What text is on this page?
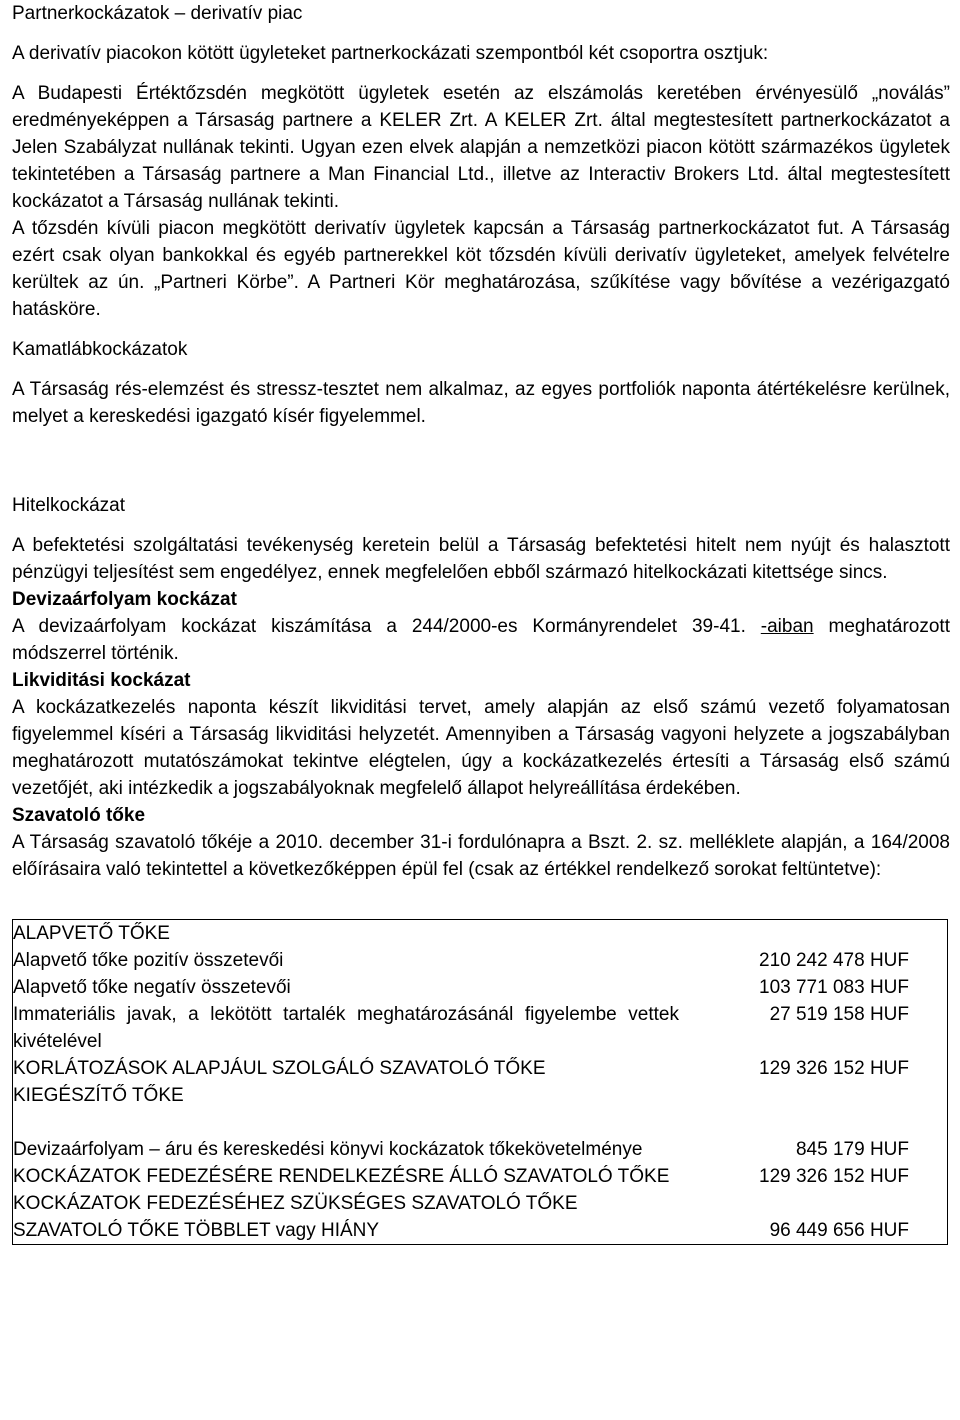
Partnerkockázatok – derivatív piac

A derivatív piacokon kötött ügyleteket partnerkockázati szempontból két csoportra osztjuk:

A Budapesti Értéktőzsdén megkötött ügyletek esetén az elszámolás keretében érvényesülő „noválás” eredményeképpen a Társaság partnere a KELER Zrt. A KELER Zrt. által megtestesített partnerkockázatot a Jelen Szabályzat nullának tekinti. Ugyan ezen elvek alapján a nemzetközi piacon kötött származékos ügyletek tekintetében a Társaság partnere a Man Financial Ltd., illetve az Interactiv Brokers Ltd. által megtestesített kockázatot a Társaság nullának tekinti.

A tőzsdén kívüli piacon megkötött derivatív ügyletek kapcsán a Társaság partnerkockázatot fut. A Társaság ezért csak olyan bankokkal és egyéb partnerekkel köt tőzsdén kívüli derivatív ügyleteket, amelyek felvételre kerültek az ún. „Partneri Körbe”. A Partneri Kör meghatározása, szűkítése vagy bővítése a vezérigazgató hatásköre.

Kamatlábkockázatok

A Társaság rés-elemzést és stressz-tesztet nem alkalmaz, az egyes portfoliók naponta átértékelésre kerülnek, melyet a kereskedési igazgató kísér figyelemmel.

Hitelkockázat

A befektetési szolgáltatási tevékenység keretein belül a Társaság befektetési hitelt nem nyújt és halasztott pénzügyi teljesítést sem engedélyez, ennek megfelelően ebből származó hitelkockázati kitettsége sincs.

Devizaárfolyam kockázat

A devizaárfolyam kockázat kiszámítása a 244/2000-es Kormányrendelet 39-41. -aiban meghatározott módszerrel történik.

Likviditási kockázat

A kockázatkezelés naponta készít likviditási tervet, amely alapján az első számú vezető folyamatosan figyelemmel kíséri a Társaság likviditási helyzetét. Amennyiben a Társaság vagyoni helyzete a jogszabályban meghatározott mutatószámokat tekintve elégtelen, úgy a kockázatkezelés értesíti a Társaság első számú vezetőjét, aki intézkedik a jogszabályoknak megfelelő állapot helyreállítása érdekében.

Szavatoló tőke

A Társaság szavatoló tőkéje a 2010. december 31-i fordulónapra a Bszt. 2. sz. melléklete alapján, a 164/2008 előírásaira való tekintettel a következőképpen épül fel (csak az értékkel rendelkező sorokat feltüntetve):

ALAPVETŐ TŐKE	
Alapvető tőke pozitív összetevői	210 242 478 HUF
Alapvető tőke negatív összetevői	103 771 083 HUF
Immateriális javak, a lekötött tartalék meghatározásánál figyelembe vettek kivételével	27 519 158 HUF
KORLÁTOZÁSOK ALAPJÁUL SZOLGÁLÓ SZAVATOLÓ TŐKE	129 326 152 HUF
KIEGÉSZÍTŐ TŐKE	

Devizaárfolyam – áru és kereskedési könyvi kockázatok tőkekövetelménye	845 179 HUF
KOCKÁZATOK FEDEZÉSÉRE RENDELKEZÉSRE ÁLLÓ SZAVATOLÓ TŐKE	129 326 152 HUF
KOCKÁZATOK FEDEZÉSÉHEZ SZÜKSÉGES SZAVATOLÓ TŐKE	
SZAVATOLÓ TŐKE TÖBBLET vagy HIÁNY	96 449 656 HUF
